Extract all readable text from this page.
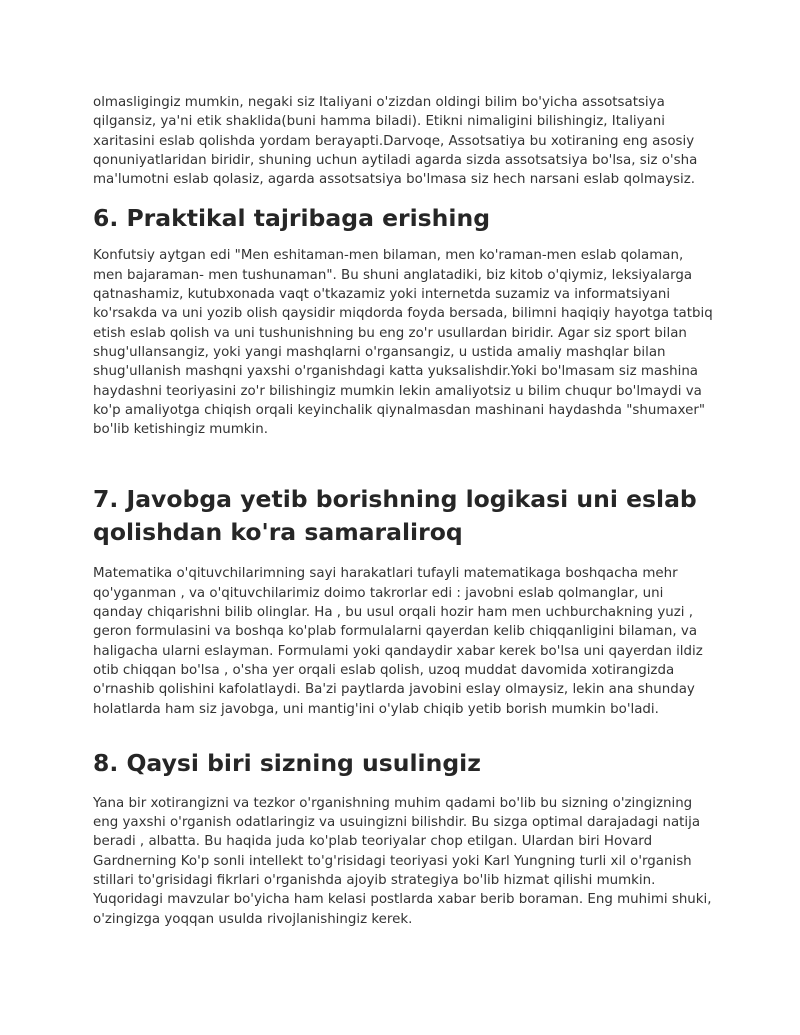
olmasligingiz mumkin, negaki siz Italiyani o'zizdan oldingi bilim bo'yicha assotsatsiya qilgansiz, ya'ni etik shaklida(buni hamma biladi). Etikni nimaligini bilishingiz, Italiyani xaritasini eslab qolishda yordam berayapti.Darvoqe, Assotsatiya bu xotiraning eng asosiy qonuniyatlaridan biridir, shuning uchun aytiladi agarda sizda assotsatsiya bo'lsa, siz o'sha ma'lumotni eslab qolasiz, agarda assotsatsiya bo'lmasa siz hech narsani eslab qolmaysiz.

6. Praktikal tajribaga erishing

Konfutsiy aytgan edi "Men eshitaman-men bilaman, men ko'raman-men eslab qolaman, men bajaraman- men tushunaman". Bu shuni anglatadiki, biz kitob o'qiymiz, leksiyalarga qatnashamiz, kutubxonada vaqt o'tkazamiz yoki internetda suzamiz va informatsiyani ko'rsakda va uni yozib olish qaysidir miqdorda foyda bersada, bilimni haqiqiy hayotga tatbiq etish eslab qolish va uni tushunishning bu eng zo'r usullardan biridir. Agar siz sport bilan shug'ullansangiz, yoki yangi mashqlarni o'rgansangiz, u ustida amaliy mashqlar bilan shug'ullanish mashqni yaxshi o'rganishdagi katta yuksalishdir.Yoki bo'lmasam siz mashina haydashni teoriyasini zo'r bilishingiz mumkin lekin amaliyotsiz u bilim chuqur bo'lmaydi va ko'p amaliyotga chiqish orqali keyinchalik qiynalmasdan mashinani haydashda "shumaxer" bo'lib ketishingiz mumkin.

7. Javobga yetib borishning logikasi uni eslab qolishdan ko'ra samaraliroq

Matematika o'qituvchilarimning sayi harakatlari tufayli matematikaga boshqacha mehr qo'yganman , va o'qituvchilarimiz doimo takrorlar edi : javobni eslab qolmanglar, uni qanday chiqarishni bilib olinglar. Ha , bu usul orqali hozir ham men uchburchakning yuzi , geron formulasini va boshqa ko'plab formulalarni qayerdan kelib chiqqanligini bilaman, va haligacha ularni eslayman. Formulami yoki qandaydir xabar kerek bo'lsa uni qayerdan ildiz otib chiqqan bo'lsa , o'sha yer orqali eslab qolish, uzoq muddat davomida xotirangizda o'rnashib qolishini kafolatlaydi. Ba'zi paytlarda javobini eslay olmaysiz, lekin ana shunday holatlarda ham siz javobga, uni mantig'ini o'ylab chiqib yetib borish mumkin bo'ladi.

8. Qaysi biri sizning usulingiz

Yana bir xotirangizni va tezkor o'rganishning muhim qadami bo'lib bu sizning o'zingizning eng yaxshi o'rganish odatlaringiz va usuingizni bilishdir. Bu sizga optimal darajadagi natija beradi , albatta. Bu haqida juda ko'plab teoriyalar chop etilgan. Ulardan biri Hovard Gardnerning Ko'p sonli intellekt to'g'risidagi teoriyasi yoki Karl Yungning turli xil o'rganish stillari to'grisidagi fikrlari o'rganishda ajoyib strategiya bo'lib hizmat qilishi mumkin. Yuqoridagi mavzular bo'yicha ham kelasi postlarda xabar berib boraman. Eng muhimi shuki, o'zingizga yoqqan usulda rivojlanishingiz kerek.
